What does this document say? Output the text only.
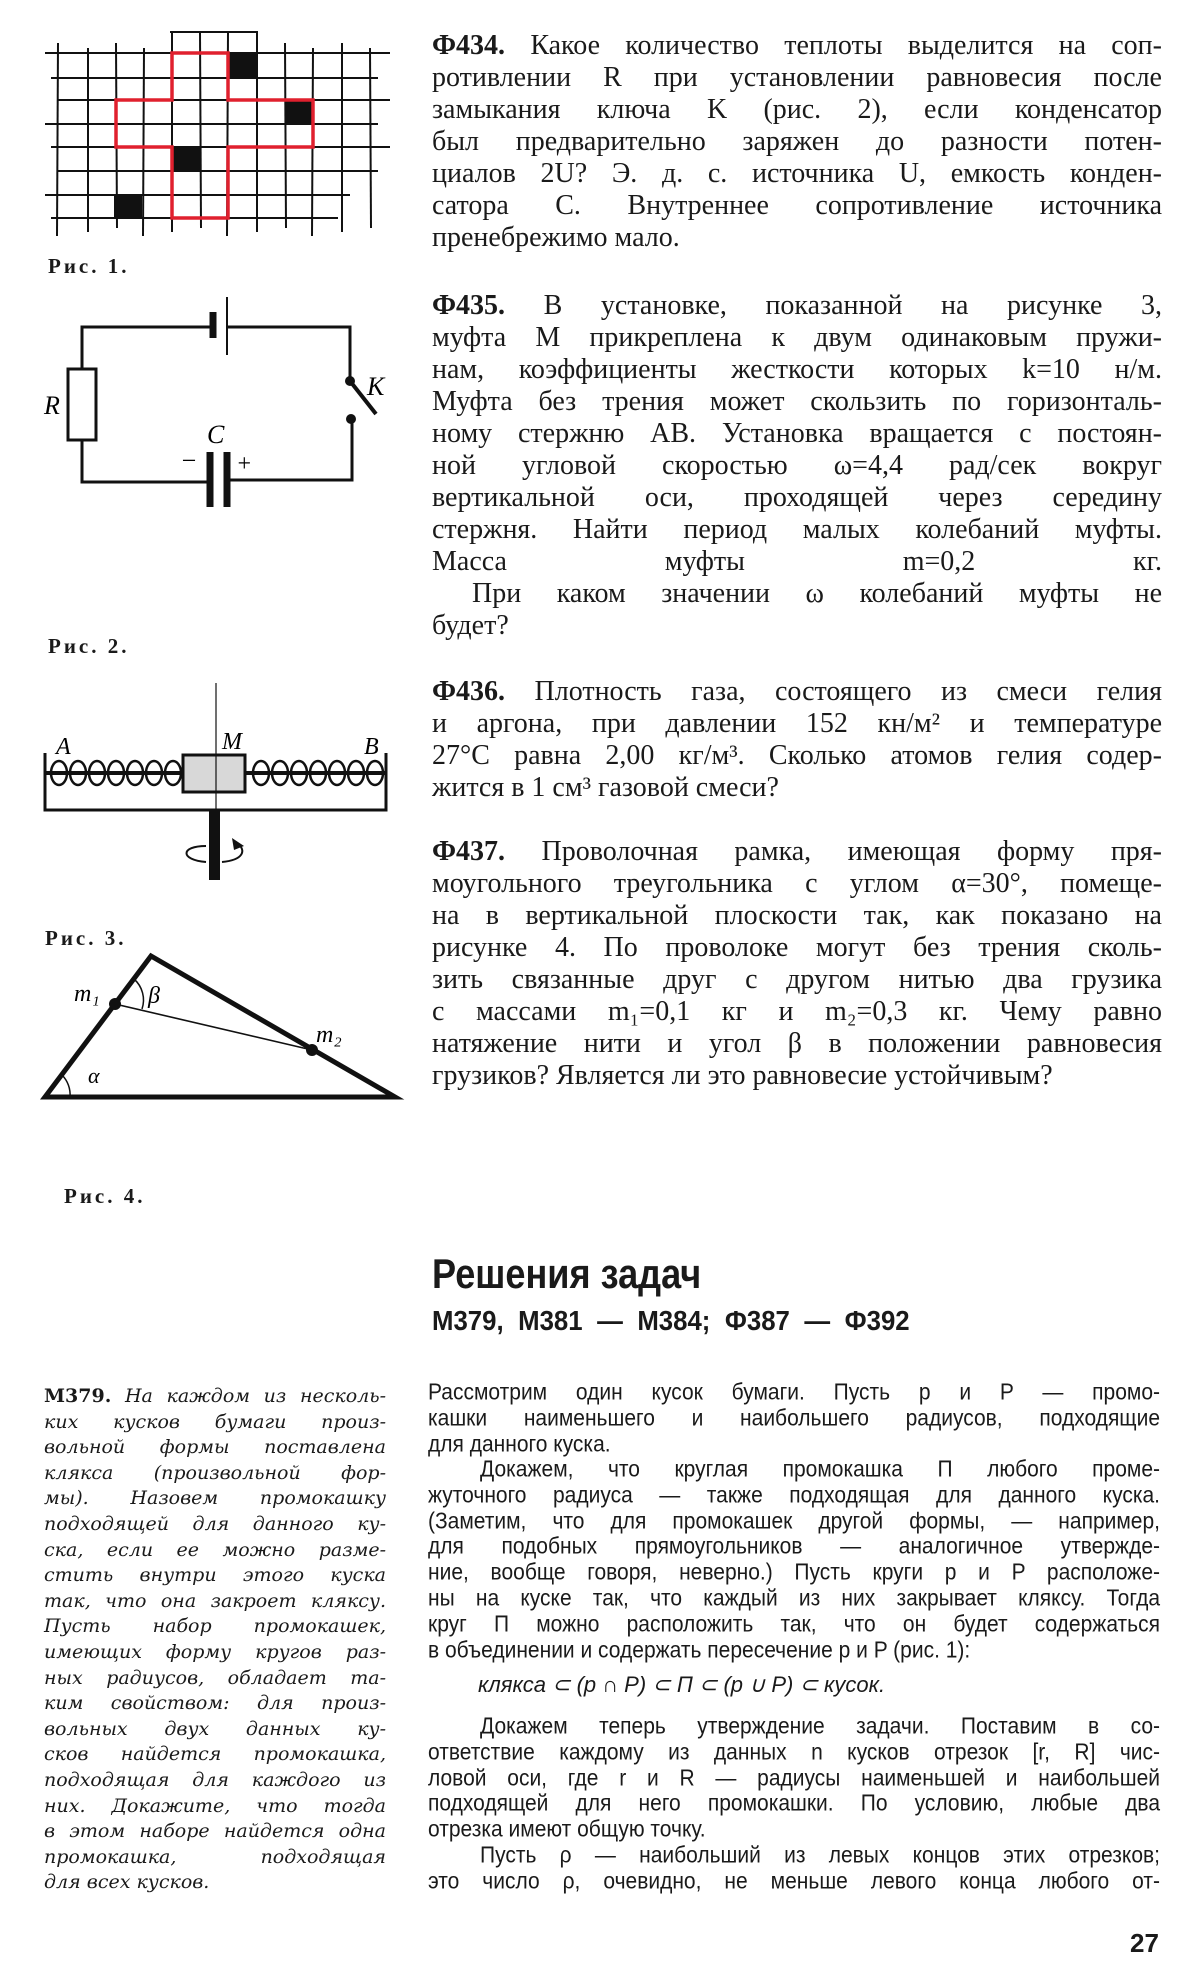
Рис. 1.
R
K
C
− +
Рис. 2.
A	M	B
Рис. 3.
m₁ β
m₂
α
Рис. 4.
Ф434. Какое количество теплоты выделится на соп-
ротивлении R при установлении равновесия после
замыкания ключа K (рис. 2), если конденсатор
был предварительно заряжен до разности потен-
циалов 2U? Э. д. с. источника U, емкость конден-
сатора C. Внутреннее сопротивление источника
пренебрежимо мало.
Ф435. В установке, показанной на рисунке 3,
муфта M прикреплена к двум одинаковым пружи-
нам, коэффициенты жесткости которых k=10 н/м.
Муфта без трения может скользить по горизонталь-
ному стержню AB. Установка вращается с постоян-
ной угловой скоростью ω=4,4 рад/сек вокруг
вертикальной оси, проходящей через середину
стержня. Найти период малых колебаний муфты.
Масса муфты m=0,2 кг.
При каком значении ω колебаний муфты не
будет?
Ф436. Плотность газа, состоящего из смеси гелия
и аргона, при давлении 152 кн/м² и температуре
27°C равна 2,00 кг/м³. Сколько атомов гелия содер-
жится в 1 см³ газовой смеси?
Ф437. Проволочная рамка, имеющая форму пря-
моугольного треугольника с углом α=30°, помеще-
на в вертикальной плоскости так, как показано на
рисунке 4. По проволоке могут без трения сколь-
зить связанные друг с другом нитью два грузика
с массами m₁=0,1 кг и m₂=0,3 кг. Чему равно
натяжение нити и угол β в положении равновесия
грузиков? Является ли это равновесие устойчивым?
Решения задач
М379, М381 — М384; Ф387 — Ф392
М379. На каждом из несколь-
ких кусков бумаги произ-
вольной формы поставлена
клякса (произвольной фор-
мы). Назовем промокашку
подходящей для данного ку-
ска, если ее можно разме-
стить внутри этого куска
так, что она закроет кляксу.
Пусть набор промокашек,
имеющих форму кругов раз-
ных радиусов, обладает та-
ким свойством: для произ-
вольных двух данных ку-
сков найдется промокашка,
подходящая для каждого из
них. Докажите, что тогда
в этом наборе найдется одна
промокашка, подходящая
для всех кусков.
Рассмотрим один кусок бумаги. Пусть p и P — промо-
кашки наименьшего и наибольшего радиусов, подходящие
для данного куска.
Докажем, что круглая промокашка П любого проме-
жуточного радиуса — также подходящая для данного куска.
(Заметим, что для промокашек другой формы, — например,
для подобных прямоугольников — аналогичное утвержде-
ние, вообще говоря, неверно.) Пусть круги p и P расположе-
ны на куске так, что каждый из них закрывает кляксу. Тогда
круг П можно расположить так, что он будет содержаться
в объединении и содержать пересечение p и P (рис. 1):
клякса ⊂ (p ∩ P) ⊂ П ⊂ (p ∪ P) ⊂ кусок.
Докажем теперь утверждение задачи. Поставим в со-
ответствие каждому из данных n кусков отрезок [r, R] чис-
ловой оси, где r и R — радиусы наименьшей и наибольшей
подходящей для него промокашки. По условию, любые два
отрезка имеют общую точку.
Пусть ρ — наибольший из левых концов этих отрезков;
это число ρ, очевидно, не меньше левого конца любого от-
27
